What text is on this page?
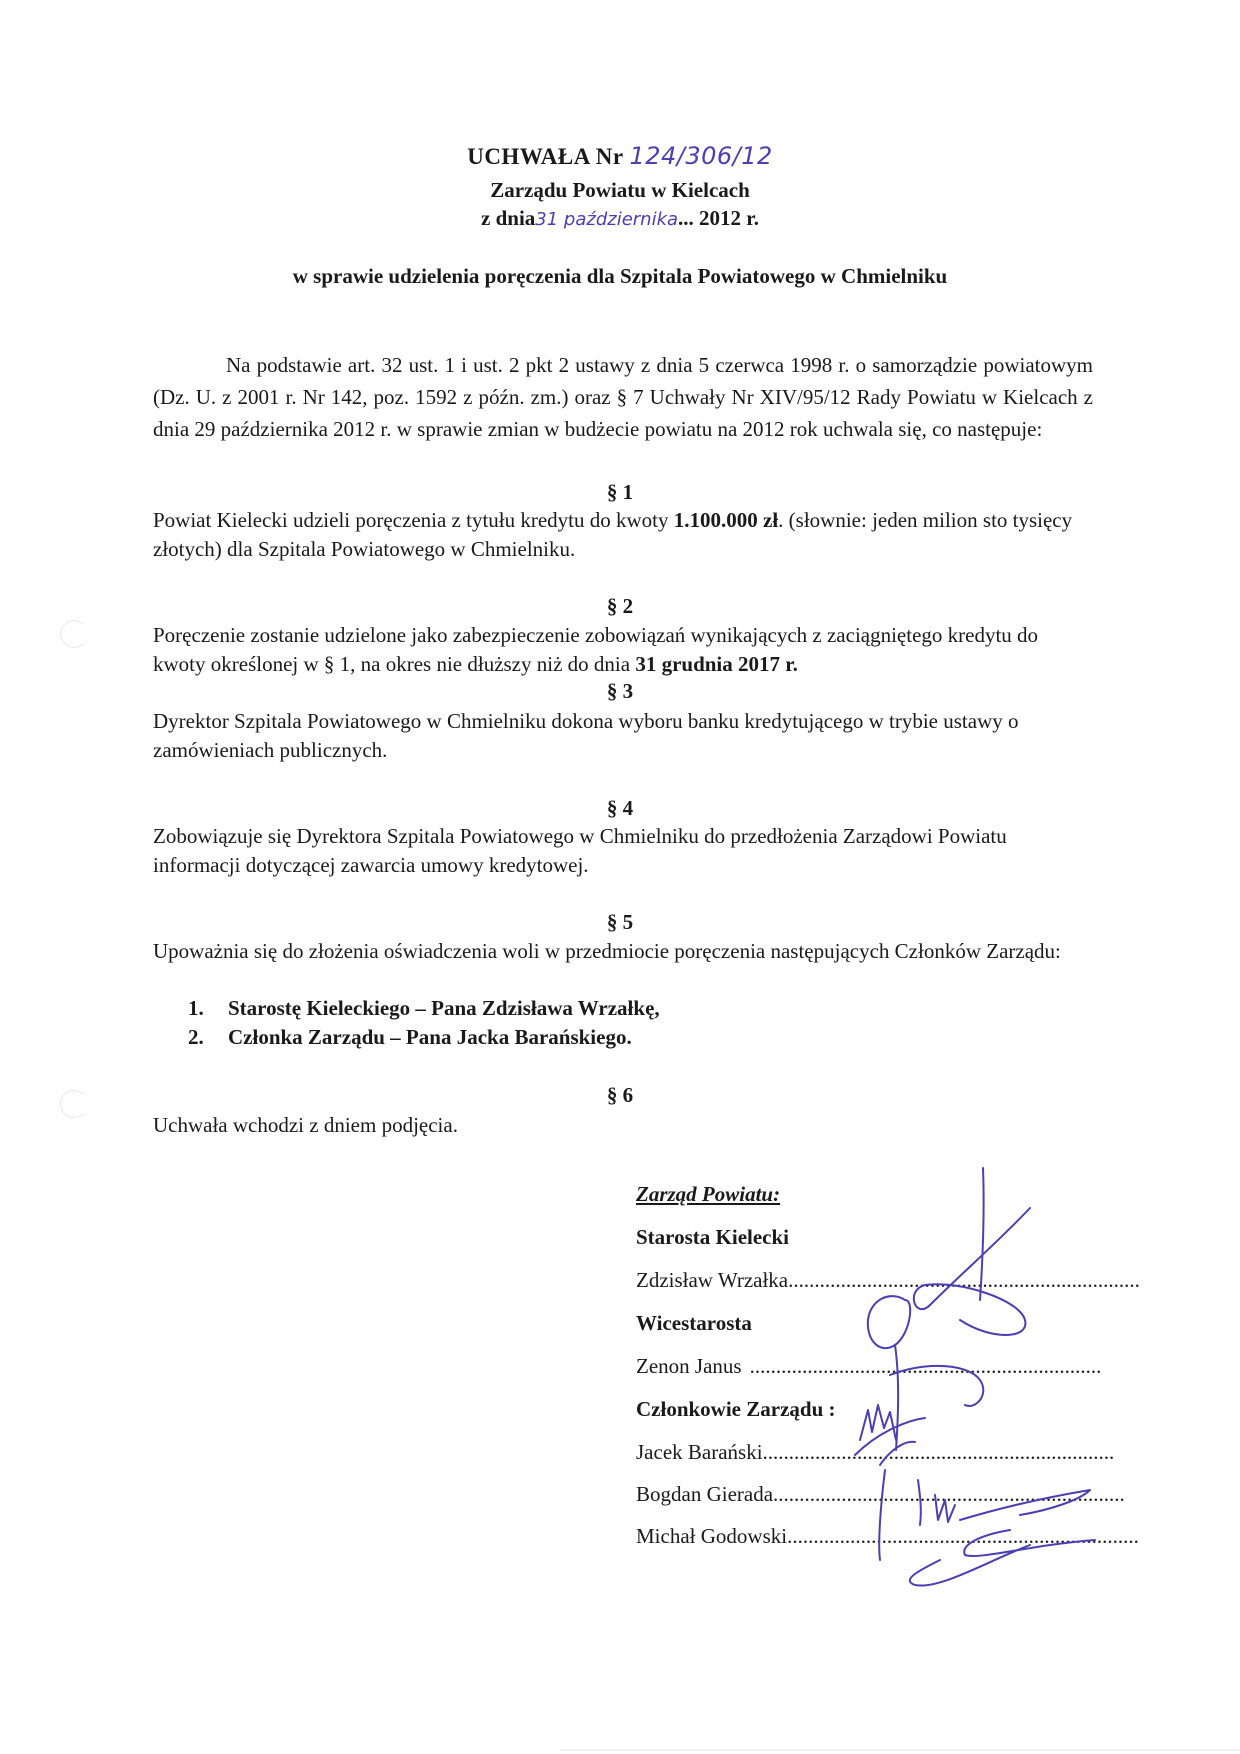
UCHWAŁA Nr 124/306/12
Zarządu Powiatu w Kielcach
z dnia31 października... 2012 r.
w sprawie udzielenia poręczenia dla Szpitala Powiatowego w Chmielniku
Na podstawie art. 32 ust. 1 i ust. 2 pkt 2 ustawy z dnia 5 czerwca 1998 r. o samorządzie powiatowym (Dz. U. z 2001 r. Nr 142, poz. 1592 z późn. zm.) oraz § 7 Uchwały Nr XIV/95/12 Rady Powiatu w Kielcach z dnia 29 października 2012 r. w sprawie zmian w budżecie powiatu na 2012 rok uchwala się, co następuje:
§ 1
Powiat Kielecki udzieli poręczenia z tytułu kredytu do kwoty 1.100.000 zł. (słownie: jeden milion sto tysięcy złotych) dla Szpitala Powiatowego w Chmielniku.
§ 2
Poręczenie zostanie udzielone jako zabezpieczenie zobowiązań wynikających z zaciągniętego kredytu do kwoty określonej w § 1, na okres nie dłuższy niż do dnia 31 grudnia 2017 r.
§ 3
Dyrektor Szpitala Powiatowego w Chmielniku dokona wyboru banku kredytującego w trybie ustawy o zamówieniach publicznych.
§ 4
Zobowiązuje się Dyrektora Szpitala Powiatowego w Chmielniku do przedłożenia Zarządowi Powiatu informacji dotyczącej zawarcia umowy kredytowej.
§ 5
Upoważnia się do złożenia oświadczenia woli w przedmiocie poręczenia następujących Członków Zarządu:
1. Starostę Kieleckiego – Pana Zdzisława Wrzałkę,
2. Członka Zarządu – Pana Jacka Barańskiego.
§ 6
Uchwała wchodzi z dniem podjęcia.
Zarząd Powiatu:
Starosta Kielecki
Zdzisław Wrzałka...................................................................
Wicestarosta
Zenon Janus ...................................................................
Członkowie Zarządu :
Jacek Barański...................................................................
Bogdan Gierada...................................................................
Michał Godowski...................................................................
